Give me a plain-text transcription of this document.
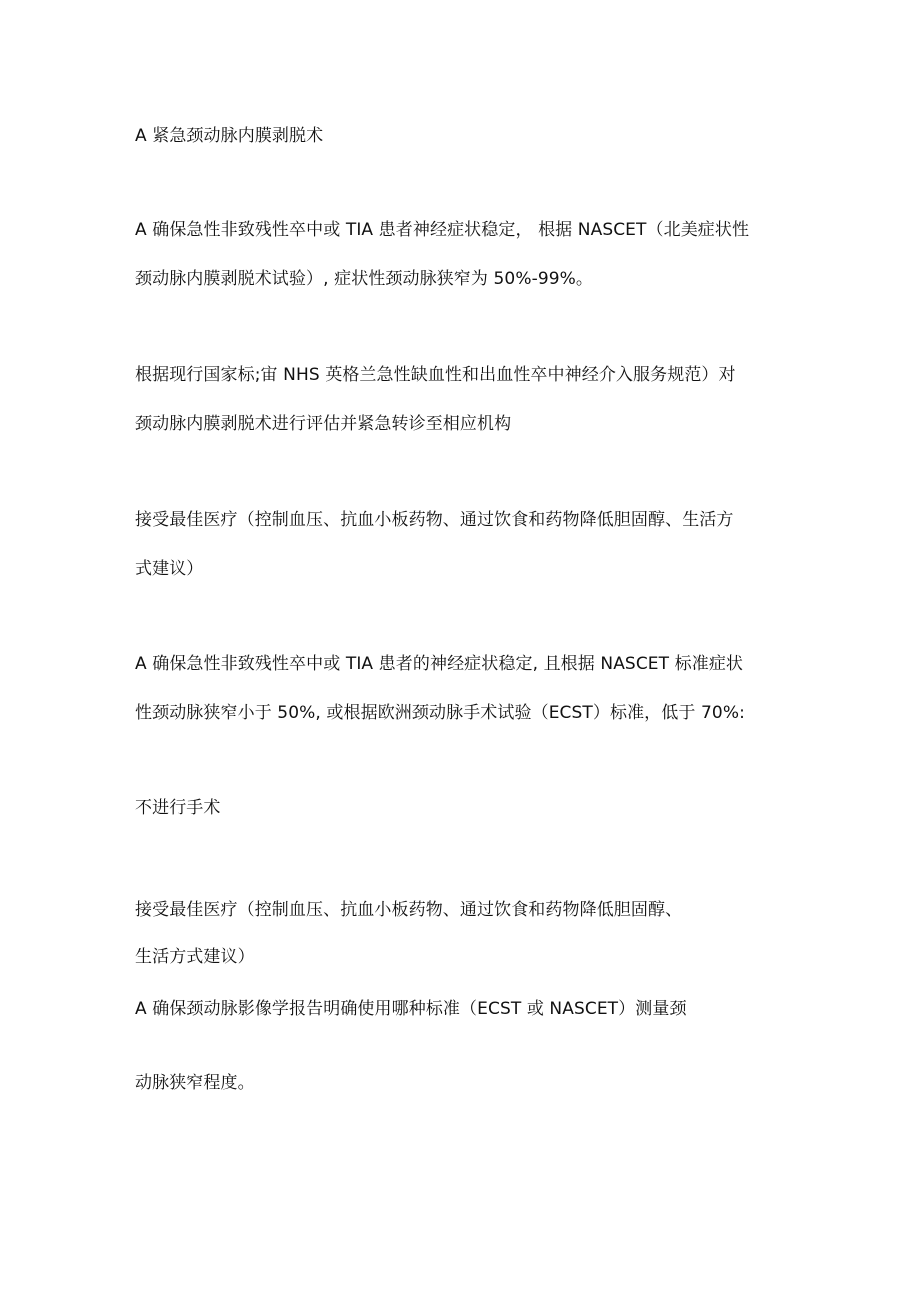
A 紧急颈动脉内膜剥脱术
A 确保急性非致残性卒中或 TIA 患者神经症状稳定， 根据 NASCET（北美症状性
颈动脉内膜剥脱术试验）, 症状性颈动脉狭窄为 50%-99%。
根据现行国家标;宙 NHS 英格兰急性缺血性和出血性卒中神经介入服务规范）对
颈动脉内膜剥脱术进行评估并紧急转诊至相应机构
接受最佳医疗（控制血压、抗血小板药物、通过饮食和药物降低胆固醇、生活方
式建议）
A 确保急性非致残性卒中或 TIA 患者的神经症状稳定, 且根据 NASCET 标准症状
性颈动脉狭窄小于 50%, 或根据欧洲颈动脉手术试验（ECST）标准，低于 70%:
不进行手术
接受最佳医疗（控制血压、抗血小板药物、通过饮食和药物降低胆固醇、
生活方式建议）
A 确保颈动脉影像学报告明确使用哪种标准（ECST 或 NASCET）测量颈
动脉狭窄程度。
